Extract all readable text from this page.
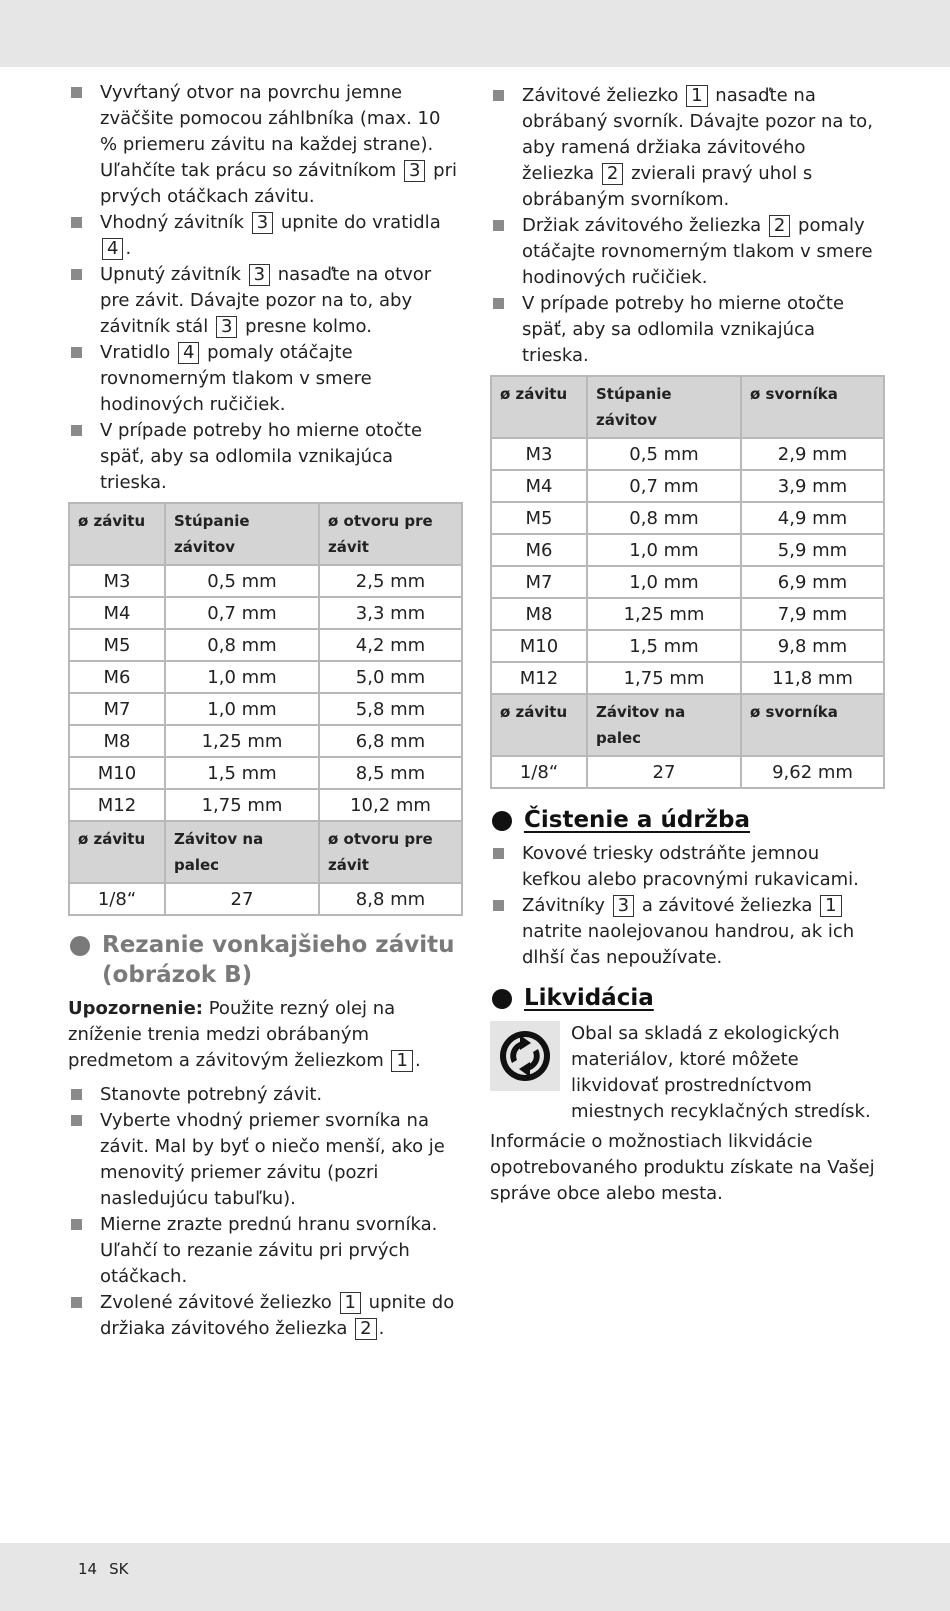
Vyvŕtaný otvor na povrchu jemne zväčšite pomocou záhlbníka (max. 10 % priemeru závitu na každej strane). Uľahčíte tak prácu so závitníkom 3 pri prvých otáčkach závitu.
Vhodný závitník 3 upnite do vratidla 4 .
Upnutý závitník 3 nasaďte na otvor pre závit. Dávajte pozor na to, aby závitník stál 3 presne kolmo.
Vratidlo 4 pomaly otáčajte rovnomerným tlakom v smere hodinových ručičiek.
V prípade potreby ho mierne otočte späť, aby sa odlomila vznikajúca trieska.
ø závitu	Stúpanie závitov	ø otvoru pre závit
M3	0,5 mm	2,5 mm
M4	0,7 mm	3,3 mm
M5	0,8 mm	4,2 mm
M6	1,0 mm	5,0 mm
M7	1,0 mm	5,8 mm
M8	1,25 mm	6,8 mm
M10	1,5 mm	8,5 mm
M12	1,75 mm	10,2 mm
ø závitu	Závitov na palec	ø otvoru pre závit
1/8“	27	8,8 mm
Rezanie vonkajšieho závitu
(obrázok B)
Upozornenie: Použite rezný olej na zníženie trenia medzi obrábaným predmetom a závitovým želiezkom 1 .
Stanovte potrebný závit.
Vyberte vhodný priemer svorníka na závit. Mal by byť o niečo menší, ako je menovitý priemer závitu (pozri nasledujúcu tabuľku).
Mierne zrazte prednú hranu svorníka. Uľahčí to rezanie závitu pri prvých otáčkach.
Zvolené závitové želiezko 1 upnite do držiaka závitového želiezka 2 .
Závitové želiezko 1 nasaďte na obrábaný svorník. Dávajte pozor na to, aby ramená držiaka závitového želiezka 2 zvierali pravý uhol s obrábaným svorníkom.
Držiak závitového želiezka 2 pomaly otáčajte rovnomerným tlakom v smere hodinových ručičiek.
V prípade potreby ho mierne otočte späť, aby sa odlomila vznikajúca trieska.
ø závitu	Stúpanie závitov	ø svorníka
M3	0,5 mm	2,9 mm
M4	0,7 mm	3,9 mm
M5	0,8 mm	4,9 mm
M6	1,0 mm	5,9 mm
M7	1,0 mm	6,9 mm
M8	1,25 mm	7,9 mm
M10	1,5 mm	9,8 mm
M12	1,75 mm	11,8 mm
ø závitu	Závitov na palec	ø svorníka
1/8“	27	9,62 mm
Čistenie a údržba
Kovové triesky odstráňte jemnou kefkou alebo pracovnými rukavicami.
Závitníky 3 a závitové želiezka 1 natrite naolejovanou handrou, ak ich dlhší čas nepoužívate.
Likvidácia
Obal sa skladá z ekologických materiálov, ktoré môžete likvidovať prostredníctvom miestnych recyklačných stredísk.
Informácie o možnostiach likvidácie opotrebovaného produktu získate na Vašej správe obce alebo mesta.
14 SK
